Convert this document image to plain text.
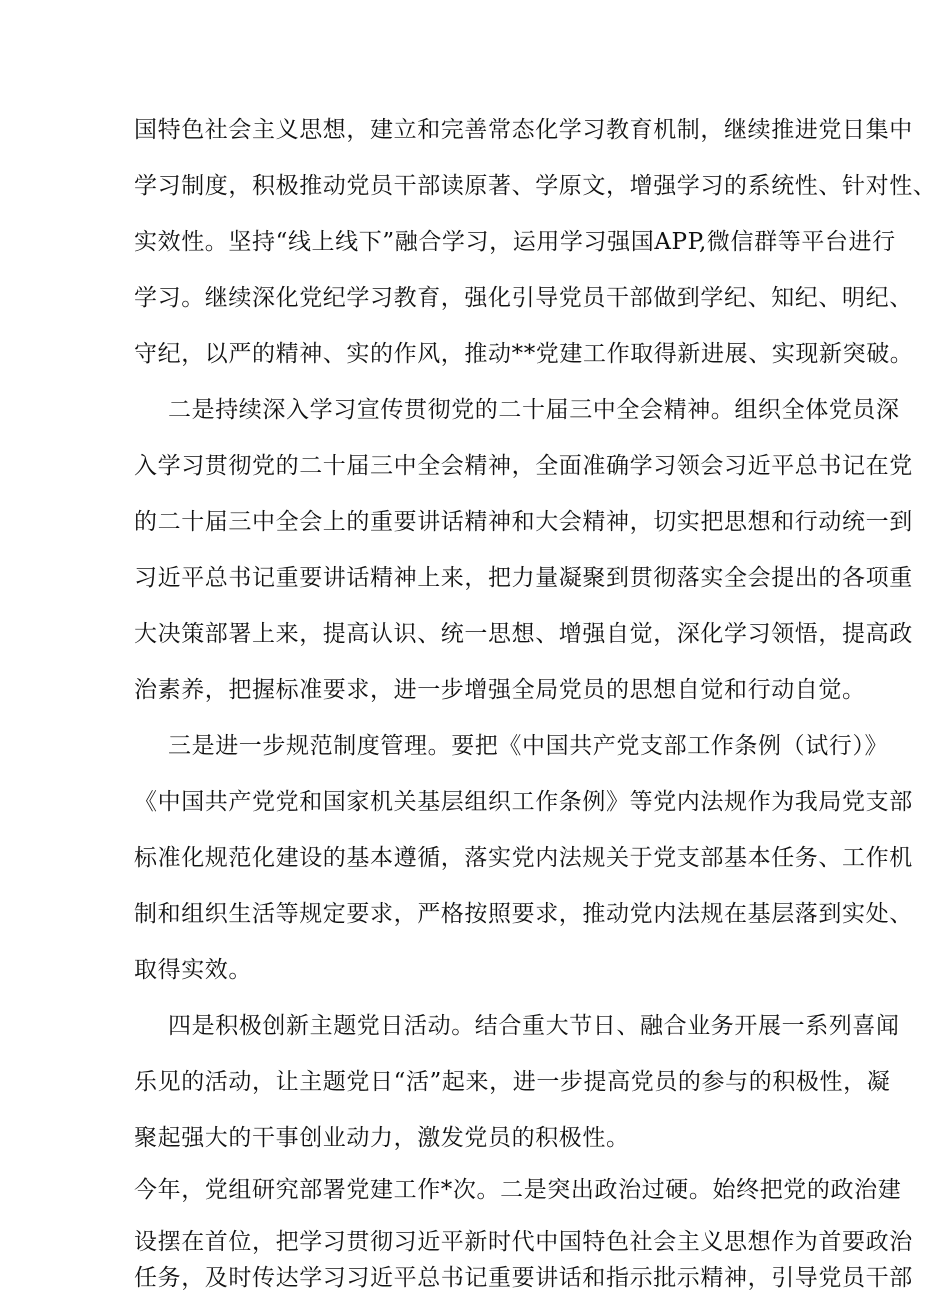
国特色社会主义思想，建立和完善常态化学习教育机制，继续推进党日集中
学习制度，积极推动党员干部读原著、学原文，增强学习的系统性、针对性、
实效性。坚持“线上线下”融合学习，运用学习强国APP,微信群等平台进行
学习。继续深化党纪学习教育，强化引导党员干部做到学纪、知纪、明纪、
守纪，以严的精神、实的作风，推动**党建工作取得新进展、实现新突破。
二是持续深入学习宣传贯彻党的二十届三中全会精神。组织全体党员深
入学习贯彻党的二十届三中全会精神，全面准确学习领会习近平总书记在党
的二十届三中全会上的重要讲话精神和大会精神，切实把思想和行动统一到
习近平总书记重要讲话精神上来，把力量凝聚到贯彻落实全会提出的各项重
大决策部署上来，提高认识、统一思想、增强自觉，深化学习领悟，提高政
治素养，把握标准要求，进一步增强全局党员的思想自觉和行动自觉。
三是进一步规范制度管理。要把《中国共产党支部工作条例（试行）》
《中国共产党党和国家机关基层组织工作条例》等党内法规作为我局党支部
标准化规范化建设的基本遵循，落实党内法规关于党支部基本任务、工作机
制和组织生活等规定要求，严格按照要求，推动党内法规在基层落到实处、
取得实效。
四是积极创新主题党日活动。结合重大节日、融合业务开展一系列喜闻
乐见的活动，让主题党日“活”起来，进一步提高党员的参与的积极性，凝
聚起强大的干事创业动力，激发党员的积极性。
今年，党组研究部署党建工作*次。二是突出政治过硬。始终把党的政治建
设摆在首位，把学习贯彻习近平新时代中国特色社会主义思想作为首要政治
任务，及时传达学习习近平总书记重要讲话和指示批示精神，引导党员干部
